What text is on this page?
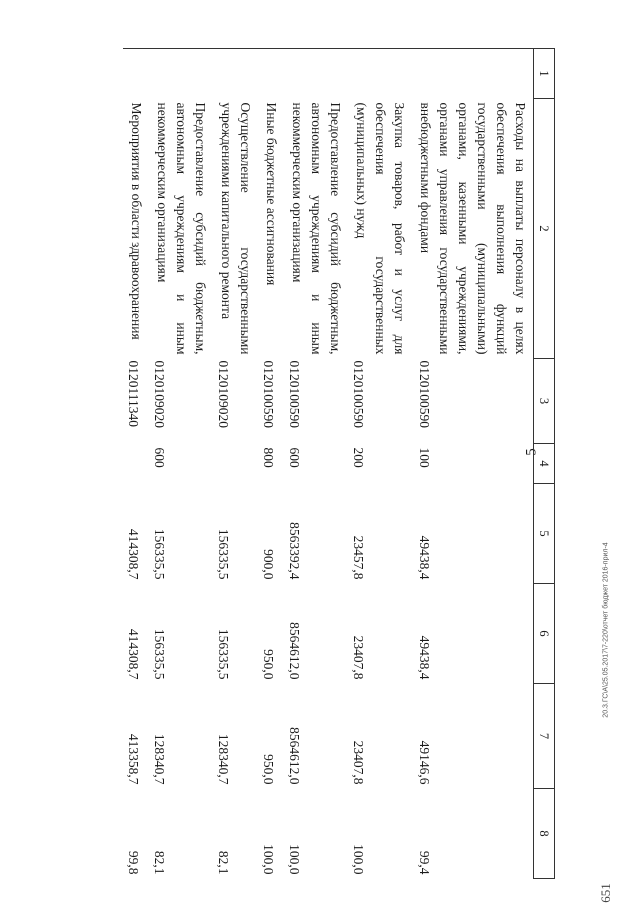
5
20.3.ГС\А\25.05.2017\7-220\отчет бюджет 2016-прил-4
651
1	2	3	4	5	6	7	8
	Расходы на выплаты персоналу в целях обеспечения выполнения функций государственными (муниципальными) органами, казенными учреждениями, органами управления государственными внебюджетными фондами	0120100590	100	49438,4	49438,4	49146,6	99,4
	Закупка товаров, работ и услуг для обеспечения государственных (муниципальных) нужд	0120100590	200	23457,8	23407,8	23407,8	100,0
	Предоставление субсидий бюджетным, автономным учреждениям и иным некоммерческим организациям	0120100590	600	8563392,4	8564612,0	8564612,0	100,0
	Иные бюджетные ассигнования	0120100590	800	900,0	950,0	950,0	100,0
	Осуществление государственными учреждениями капитального ремонта	0120109020		156335,5	156335,5	128340,7	82,1
	Предоставление субсидий бюджетным, автономным учреждениям и иным некоммерческим организациям	0120109020	600	156335,5	156335,5	128340,7	82,1
	Мероприятия в области здравоохранения	0120111340		414308,7	414308,7	413358,7	99,8
